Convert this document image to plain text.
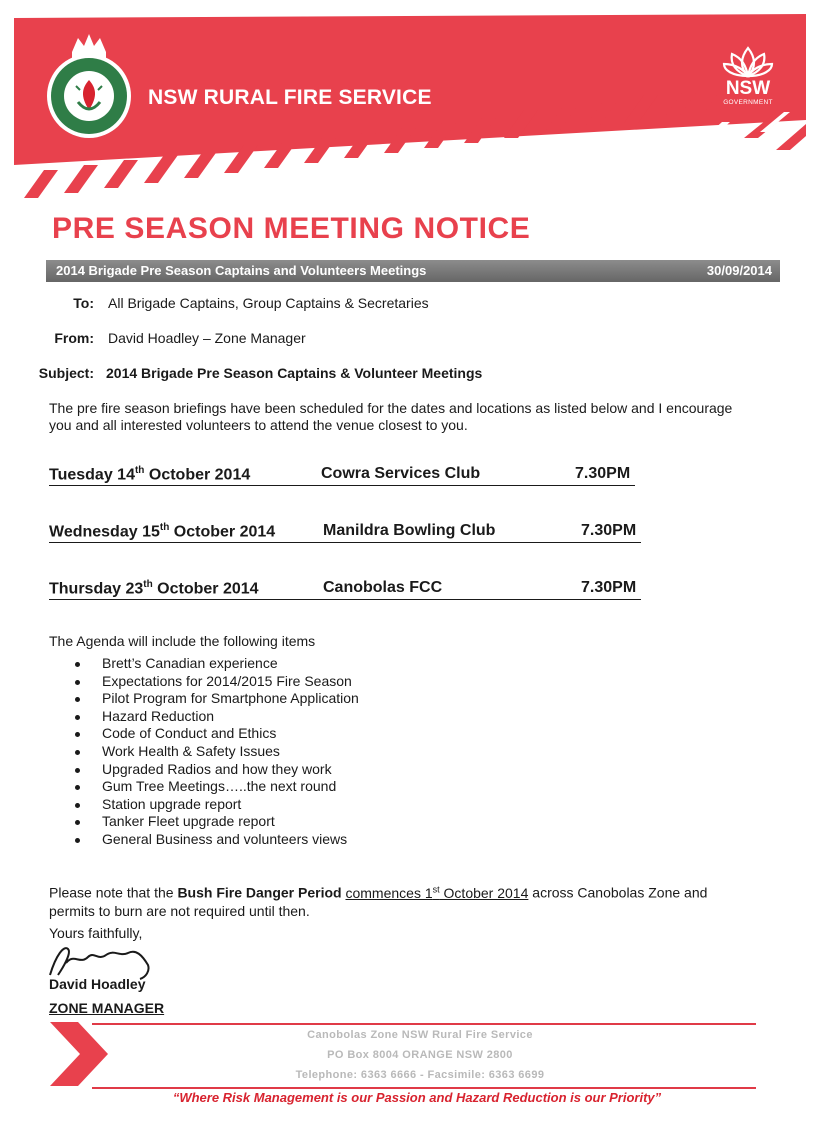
NSW RURAL FIRE SERVICE	NSW
GOVERNMENT
PRE SEASON MEETING NOTICE
2014 Brigade Pre Season Captains and Volunteers Meetings	30/09/2014
To: All Brigade Captains, Group Captains & Secretaries
From: David Hoadley – Zone Manager
Subject: 2014 Brigade Pre Season Captains & Volunteer Meetings
The pre fire season briefings have been scheduled for the dates and locations as listed below and I encourage
you and all interested volunteers to attend the venue closest to you.
Tuesday 14th October 2014	Cowra Services Club	7.30PM
Wednesday 15th October 2014	Manildra Bowling Club	7.30PM
Thursday 23th October 2014	Canobolas FCC	7.30PM
The Agenda will include the following items
Brett’s Canadian experience
Expectations for 2014/2015 Fire Season
Pilot Program for Smartphone Application
Hazard Reduction
Code of Conduct and Ethics
Work Health & Safety Issues
Upgraded Radios and how they work
Gum Tree Meetings…..the next round
Station upgrade report
Tanker Fleet upgrade report
General Business and volunteers views
Please note that the Bush Fire Danger Period commences 1st October 2014 across Canobolas Zone and
permits to burn are not required until then.
Yours faithfully,
David Hoadley
ZONE MANAGER
Canobolas Zone NSW Rural Fire Service
PO Box 8004 ORANGE NSW 2800
Telephone: 6363 6666 - Facsimile: 6363 6699
“Where Risk Management is our Passion and Hazard Reduction is our Priority”
